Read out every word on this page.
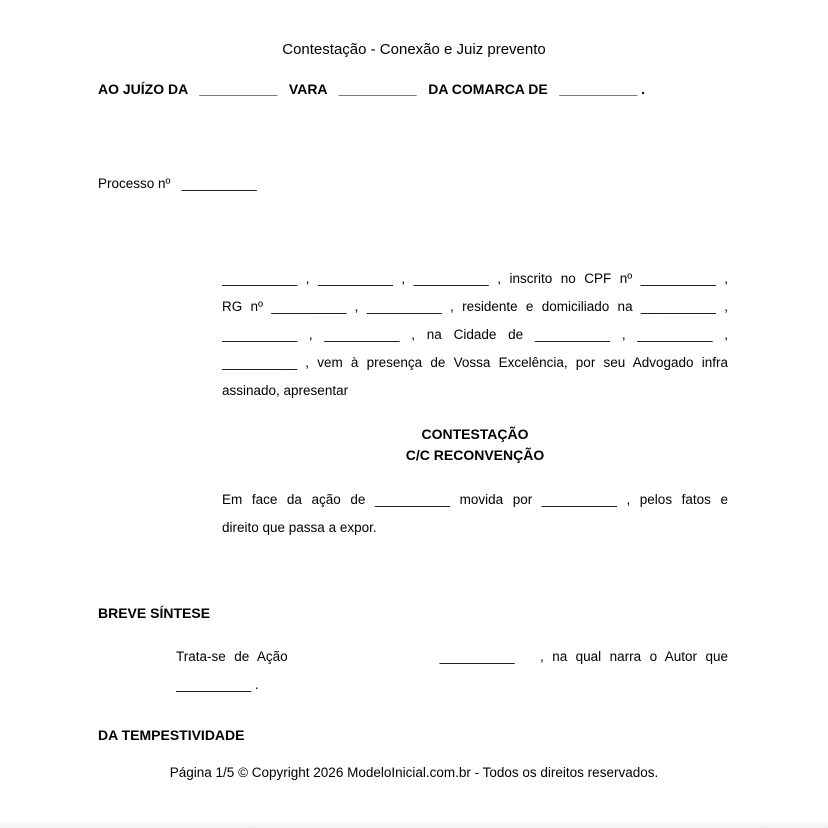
Contestação - Conexão e Juiz prevento
AO JUÍZO DA   __________   VARA   __________   DA COMARCA DE   __________ .
Processo nº   __________
__________ , __________ , __________ , inscrito no CPF nº __________ ,
RG nº __________ , __________ , residente e domiciliado na __________ ,
__________ , __________ , na Cidade de __________ , __________ ,
__________ , vem à presença de Vossa Excelência, por seu Advogado infra
assinado, apresentar
CONTESTAÇÃO
C/C RECONVENÇÃO
Em face da ação de __________ movida por __________ , pelos fatos e
direito que passa a expor.
BREVE SÍNTESE
Trata-se de Ação                  __________   , na qual narra o Autor que
__________ .
DA TEMPESTIVIDADE
Página 1/5 © Copyright 2026 ModeloInicial.com.br - Todos os direitos reservados.
